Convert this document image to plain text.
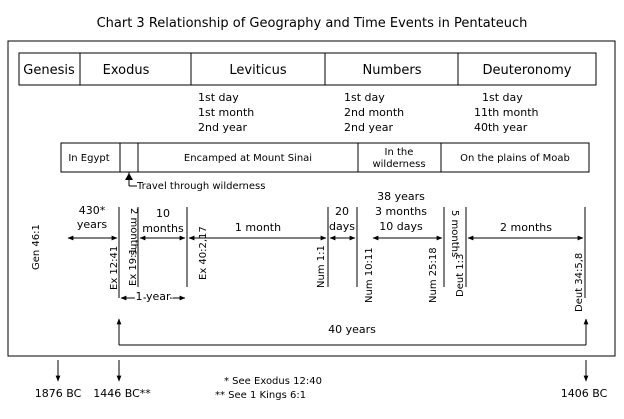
Chart 3 Relationship of Geography and Time Events in Pentateuch
Genesis Exodus	Leviticus	Numbers	Deuteronomy
1st day
1st month
2nd year
1st day
2nd month
2nd year
1st day
11th month
40th year
In Egypt	Encamped at Mount Sinai
In the
wilderness
On the plains of Moab
Travel through wilderness
430*
years 2 months 10
months	1 month
20
days
38 years
3 months
10 days	5 months	2 months
1 year
40 years
Gen 46:1	Ex 12:41 Ex 19:1	Ex 40:2,17	Num 1:1	Num 10:11	Num 25:18 Deut 1:3	Deut 34:5,8
1876 BC 1446 BC**	1406 BC
* See Exodus 12:40
** See 1 Kings 6:1
